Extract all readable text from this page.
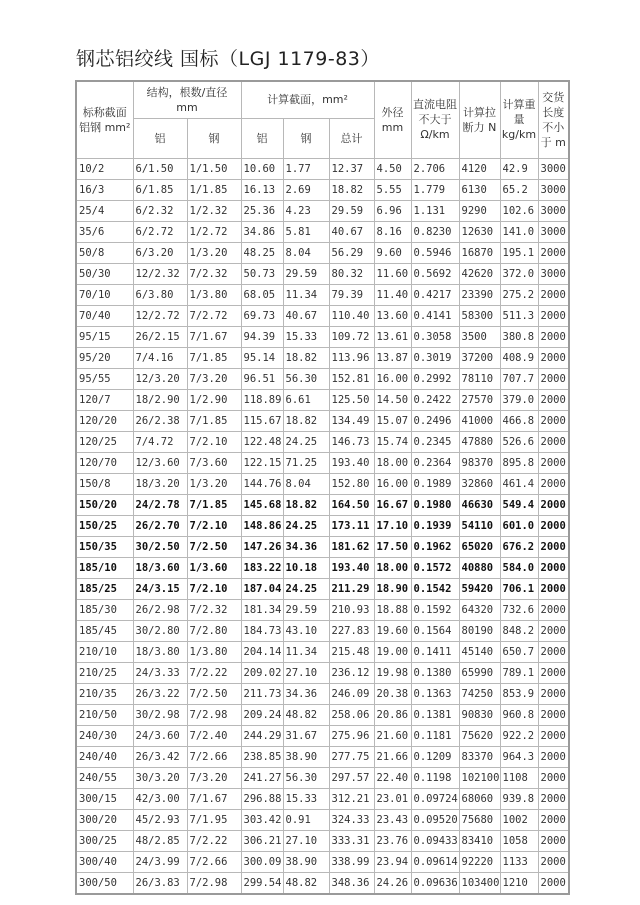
钢芯铝绞线 国标（LGJ 1179-83）
标称截面铝钢 mm²	结构，根数/直径 mm		计算截面，mm²			外径 mm	直流电阻不大于 Ω/km	计算拉断力 N	计算重量 kg/km	交货长度不小于 m
	铝	钢	铝	钢	总计					
10/2	6/1.50	1/1.50	10.60	1.77	12.37	4.50	2.706	4120	42.9	3000
16/3	6/1.85	1/1.85	16.13	2.69	18.82	5.55	1.779	6130	65.2	3000
25/4	6/2.32	1/2.32	25.36	4.23	29.59	6.96	1.131	9290	102.6	3000
35/6	6/2.72	1/2.72	34.86	5.81	40.67	8.16	0.8230	12630	141.0	3000
50/8	6/3.20	1/3.20	48.25	8.04	56.29	9.60	0.5946	16870	195.1	2000
50/30	12/2.32	7/2.32	50.73	29.59	80.32	11.60	0.5692	42620	372.0	3000
70/10	6/3.80	1/3.80	68.05	11.34	79.39	11.40	0.4217	23390	275.2	2000
70/40	12/2.72	7/2.72	69.73	40.67	110.40	13.60	0.4141	58300	511.3	2000
95/15	26/2.15	7/1.67	94.39	15.33	109.72	13.61	0.3058	3500	380.8	2000
95/20	7/4.16	7/1.85	95.14	18.82	113.96	13.87	0.3019	37200	408.9	2000
95/55	12/3.20	7/3.20	96.51	56.30	152.81	16.00	0.2992	78110	707.7	2000
120/7	18/2.90	1/2.90	118.89	6.61	125.50	14.50	0.2422	27570	379.0	2000
120/20	26/2.38	7/1.85	115.67	18.82	134.49	15.07	0.2496	41000	466.8	2000
120/25	7/4.72	7/2.10	122.48	24.25	146.73	15.74	0.2345	47880	526.6	2000
120/70	12/3.60	7/3.60	122.15	71.25	193.40	18.00	0.2364	98370	895.8	2000
150/8	18/3.20	1/3.20	144.76	8.04	152.80	16.00	0.1989	32860	461.4	2000
150/20	24/2.78	7/1.85	145.68	18.82	164.50	16.67	0.1980	46630	549.4	2000
150/25	26/2.70	7/2.10	148.86	24.25	173.11	17.10	0.1939	54110	601.0	2000
150/35	30/2.50	7/2.50	147.26	34.36	181.62	17.50	0.1962	65020	676.2	2000
185/10	18/3.60	1/3.60	183.22	10.18	193.40	18.00	0.1572	40880	584.0	2000
185/25	24/3.15	7/2.10	187.04	24.25	211.29	18.90	0.1542	59420	706.1	2000
185/30	26/2.98	7/2.32	181.34	29.59	210.93	18.88	0.1592	64320	732.6	2000
185/45	30/2.80	7/2.80	184.73	43.10	227.83	19.60	0.1564	80190	848.2	2000
210/10	18/3.80	1/3.80	204.14	11.34	215.48	19.00	0.1411	45140	650.7	2000
210/25	24/3.33	7/2.22	209.02	27.10	236.12	19.98	0.1380	65990	789.1	2000
210/35	26/3.22	7/2.50	211.73	34.36	246.09	20.38	0.1363	74250	853.9	2000
210/50	30/2.98	7/2.98	209.24	48.82	258.06	20.86	0.1381	90830	960.8	2000
240/30	24/3.60	7/2.40	244.29	31.67	275.96	21.60	0.1181	75620	922.2	2000
240/40	26/3.42	7/2.66	238.85	38.90	277.75	21.66	0.1209	83370	964.3	2000
240/55	30/3.20	7/3.20	241.27	56.30	297.57	22.40	0.1198	102100	1108	2000
300/15	42/3.00	7/1.67	296.88	15.33	312.21	23.01	0.09724	68060	939.8	2000
300/20	45/2.93	7/1.95	303.42	0.91	324.33	23.43	0.09520	75680	1002	2000
300/25	48/2.85	7/2.22	306.21	27.10	333.31	23.76	0.09433	83410	1058	2000
300/40	24/3.99	7/2.66	300.09	38.90	338.99	23.94	0.09614	92220	1133	2000
300/50	26/3.83	7/2.98	299.54	48.82	348.36	24.26	0.09636	103400	1210	2000
